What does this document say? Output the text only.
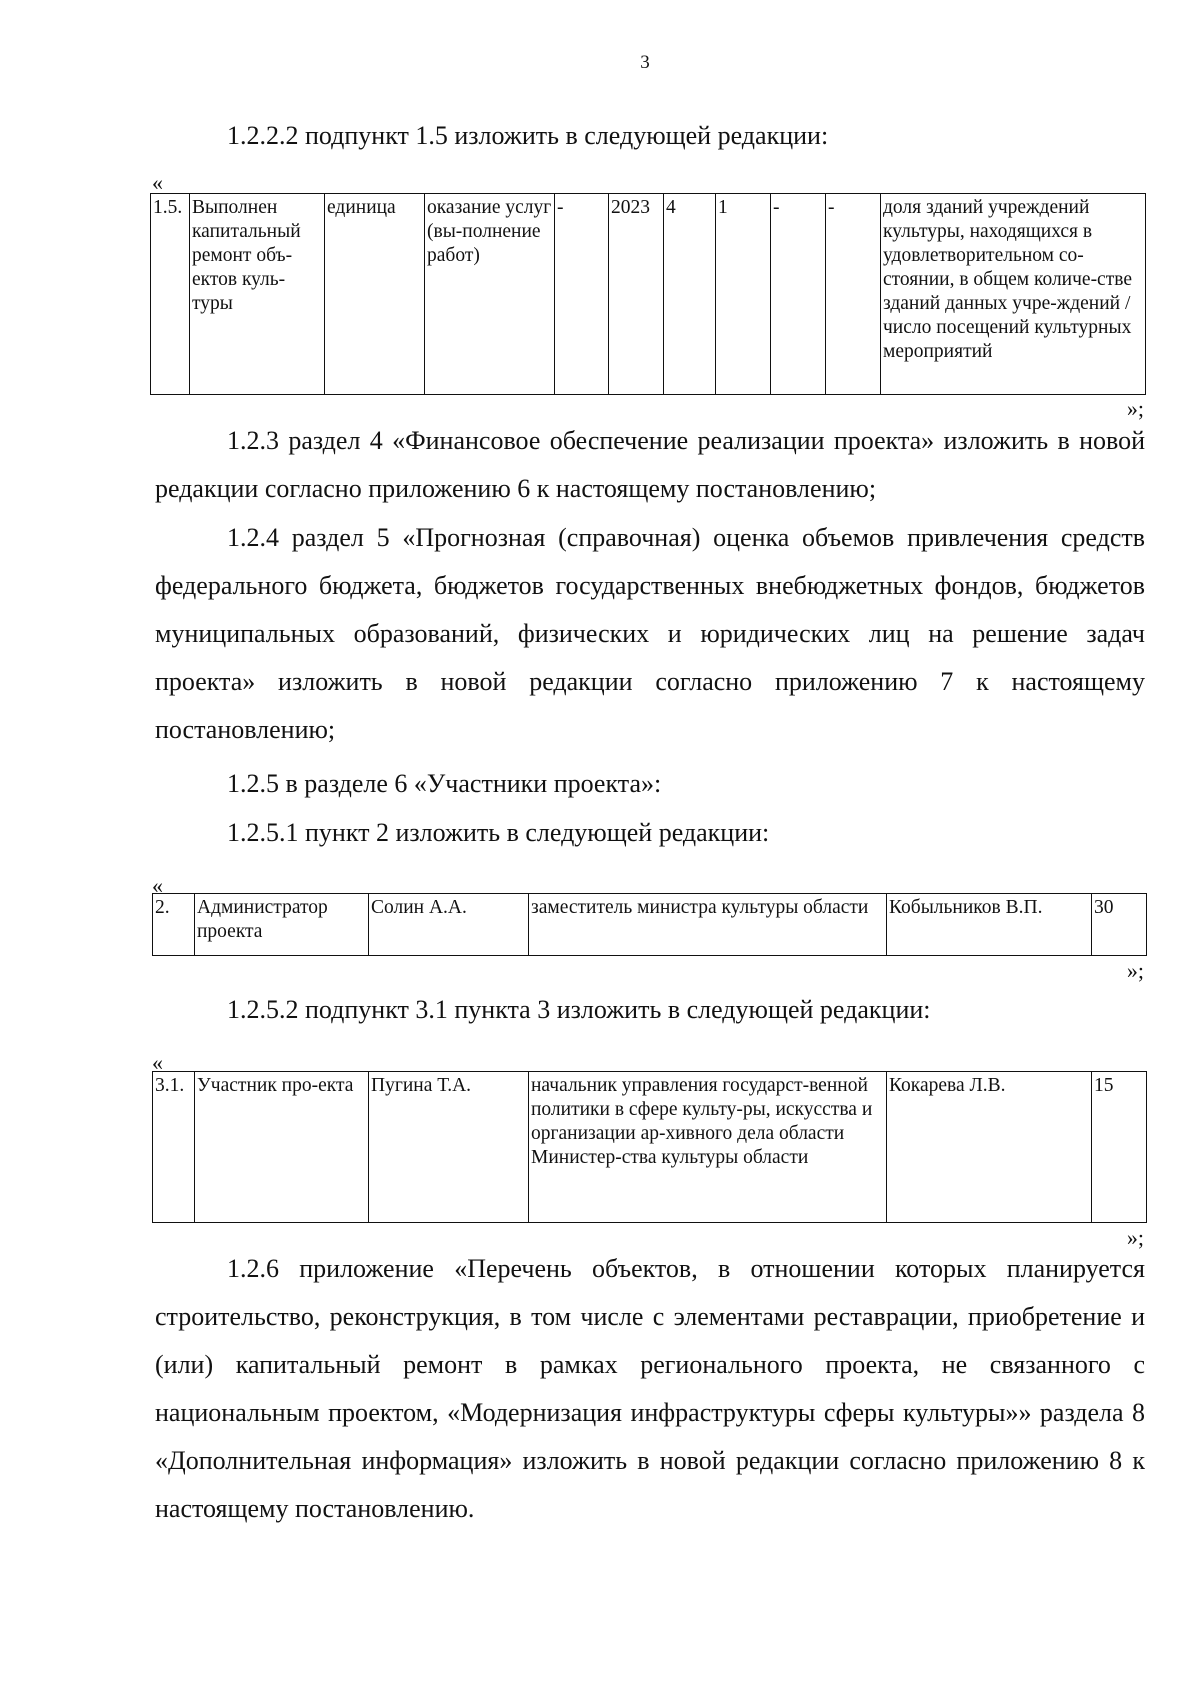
3

1.2.2.2 подпункт 1.5 изложить в следующей редакции:

«
1.5.	Выполнен капитальный ремонт объ-ектов куль-туры	единица	оказание услуг (вы-полнение работ)	-	2023	4	1	-	-	доля зданий учреждений культуры, находящихся в удовлетворительном со-стоянии, в общем количе-стве зданий данных учре-ждений / число посещений культурных мероприятий
»;

1.2.3 раздел 4 «Финансовое обеспечение реализации проекта» изложить в новой редакции согласно приложению 6 к настоящему постановлению;

1.2.4 раздел 5 «Прогнозная (справочная) оценка объемов привлечения средств федерального бюджета, бюджетов государственных внебюджетных фондов, бюджетов муниципальных образований, физических и юридических лиц на решение задач проекта» изложить в новой редакции согласно приложению 7 к настоящему постановлению;

1.2.5 в разделе 6 «Участники проекта»:

1.2.5.1 пункт 2 изложить в следующей редакции:

«
2.	Администратор проекта	Солин А.А.	заместитель министра культуры области	Кобыльников В.П.	30
»;

1.2.5.2 подпункт 3.1 пункта 3 изложить в следующей редакции:

«
3.1.	Участник про-екта	Пугина Т.А.	начальник управления государст-венной политики в сфере культу-ры, искусства и организации ар-хивного дела области Министер-ства культуры области	Кокарева Л.В.	15
»;

1.2.6 приложение «Перечень объектов, в отношении которых планируется строительство, реконструкция, в том числе с элементами реставрации, приобретение и (или) капитальный ремонт в рамках регионального проекта, не связанного с национальным проектом, «Модернизация инфраструктуры сферы культуры»» раздела 8 «Дополнительная информация» изложить в новой редакции согласно приложению 8 к настоящему постановлению.
